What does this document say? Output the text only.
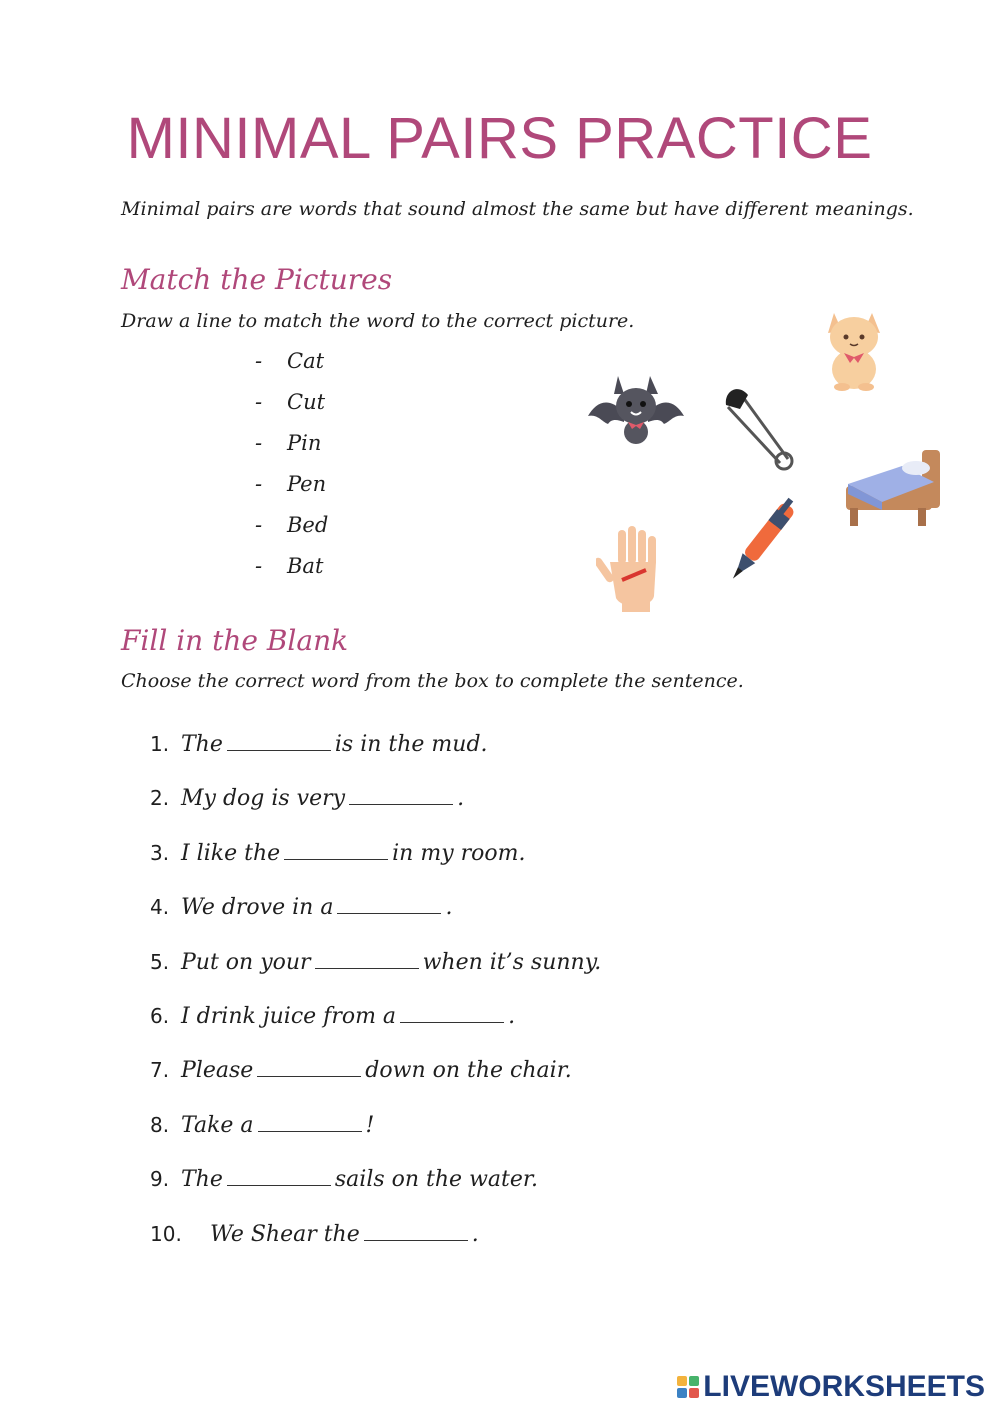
MINIMAL PAIRS PRACTICE
Minimal pairs are words that sound almost the same but have different meanings.
Match the Pictures
Draw a line to match the word to the correct picture.
- Cat
- Cut
- Pin
- Pen
- Bed
- Bat
Fill in the Blank
Choose the correct word from the box to complete the sentence.
1. The	is in the mud.
2. My dog is very	.
3. I like the	in my room.
4. We drove in a	.
5. Put on your	when it’s sunny.
6. I drink juice from a	.
7. Please	down on the chair.
8. Take a	!
9. The	sails on the water.
10. We Shear the	.
LIVEWORKSHEETS
